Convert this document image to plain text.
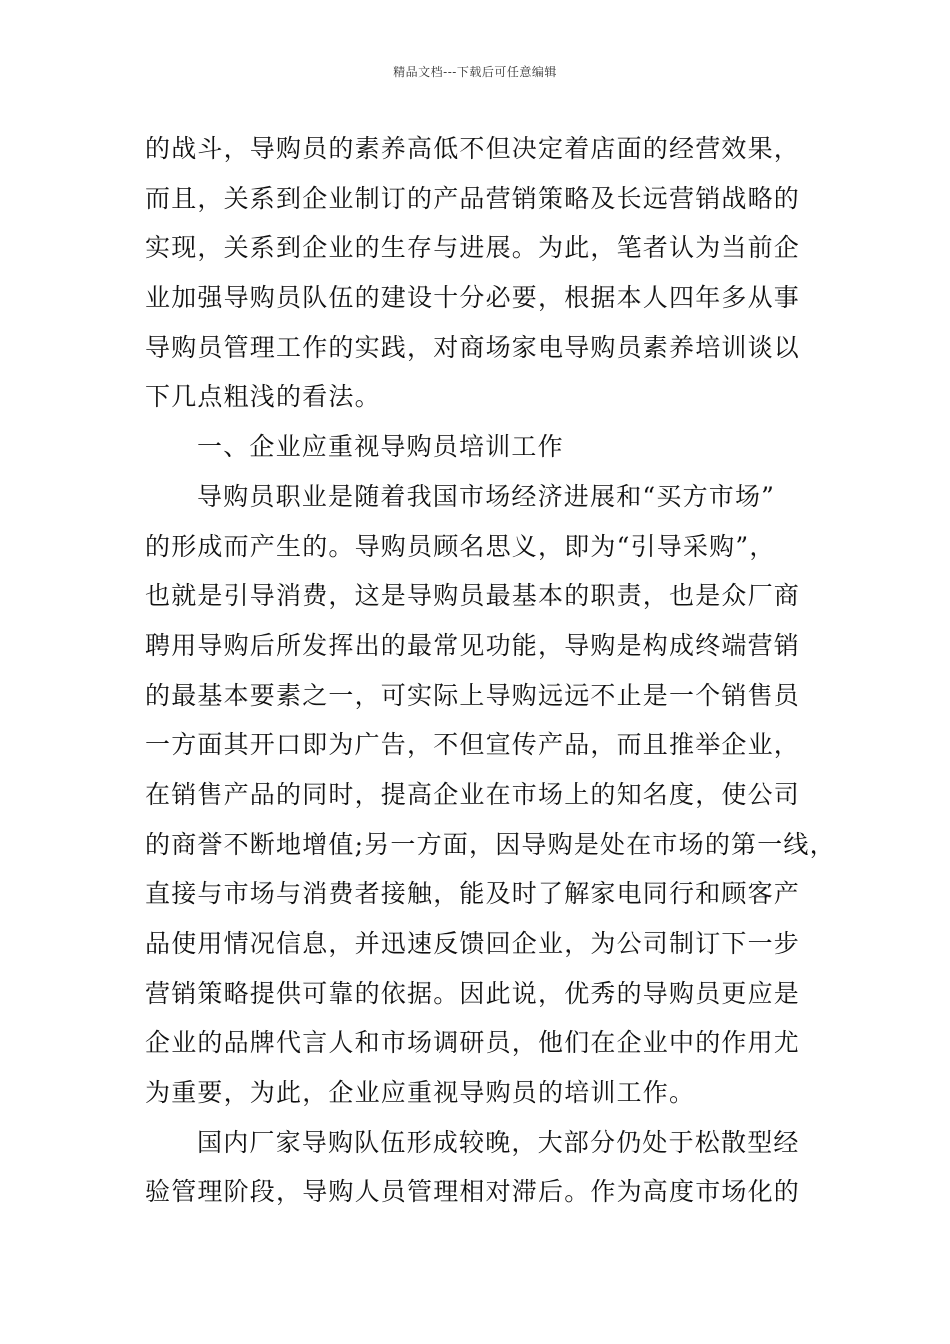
精品文档---下载后可任意编辑
的战斗，导购员的素养高低不但决定着店面的经营效果，
而且，关系到企业制订的产品营销策略及长远营销战略的
实现，关系到企业的生存与进展。为此，笔者认为当前企
业加强导购员队伍的建设十分必要，根据本人四年多从事
导购员管理工作的实践，对商场家电导购员素养培训谈以
下几点粗浅的看法。
一、企业应重视导购员培训工作
导购员职业是随着我国市场经济进展和“买方市场”
的形成而产生的。导购员顾名思义，即为“引导采购”，
也就是引导消费，这是导购员最基本的职责，也是众厂商
聘用导购后所发挥出的最常见功能，导购是构成终端营销
的最基本要素之一，可实际上导购远远不止是一个销售员
一方面其开口即为广告，不但宣传产品，而且推举企业，
在销售产品的同时，提高企业在市场上的知名度，使公司
的商誉不断地增值;另一方面，因导购是处在市场的第一线，
直接与市场与消费者接触，能及时了解家电同行和顾客产
品使用情况信息，并迅速反馈回企业，为公司制订下一步
营销策略提供可靠的依据。因此说，优秀的导购员更应是
企业的品牌代言人和市场调研员，他们在企业中的作用尤
为重要，为此，企业应重视导购员的培训工作。
国内厂家导购队伍形成较晚，大部分仍处于松散型经
验管理阶段，导购人员管理相对滞后。作为高度市场化的
